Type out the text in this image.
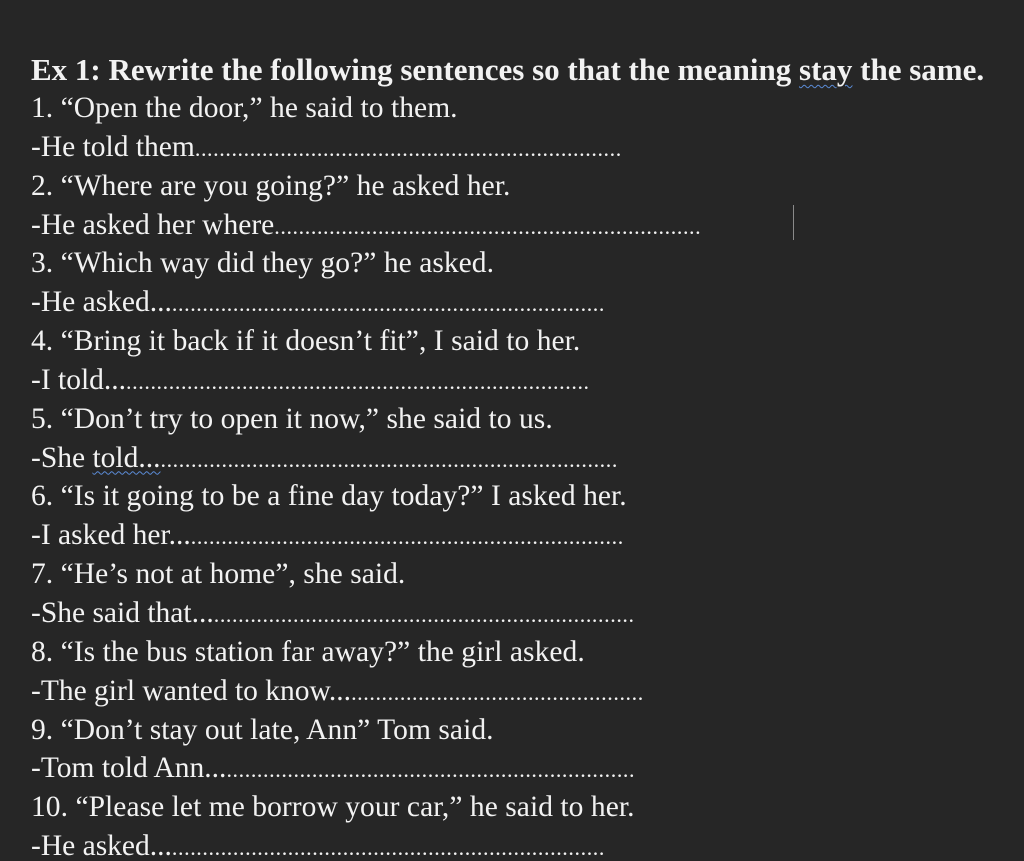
Ex 1: Rewrite the following sentences so that the meaning stay the same.
1. “Open the door,” he said to them.
-He told them ......................................................................
2. “Where are you going?” he asked her.
-He asked her where ......................................................................
3. “Which way did they go?” he asked.
-He asked... .......................................................................
4. “Bring it back if it doesn’t fit”, I said to her.
-I told... ............................................................................
5. “Don’t try to open it now,” she said to us.
-She told... ...........................................................................
6. “Is it going to be a fine day today?” I asked her.
-I asked her... .......................................................................
7. “He’s not at home”, she said.
-She said that... .....................................................................
8. “Is the bus station far away?” the girl asked.
-The girl wanted to know... ................................................
9. “Don’t stay out late, Ann” Tom said.
-Tom told Ann... ...................................................................
10. “Please let me borrow your car,” he said to her.
-He asked... .......................................................................
